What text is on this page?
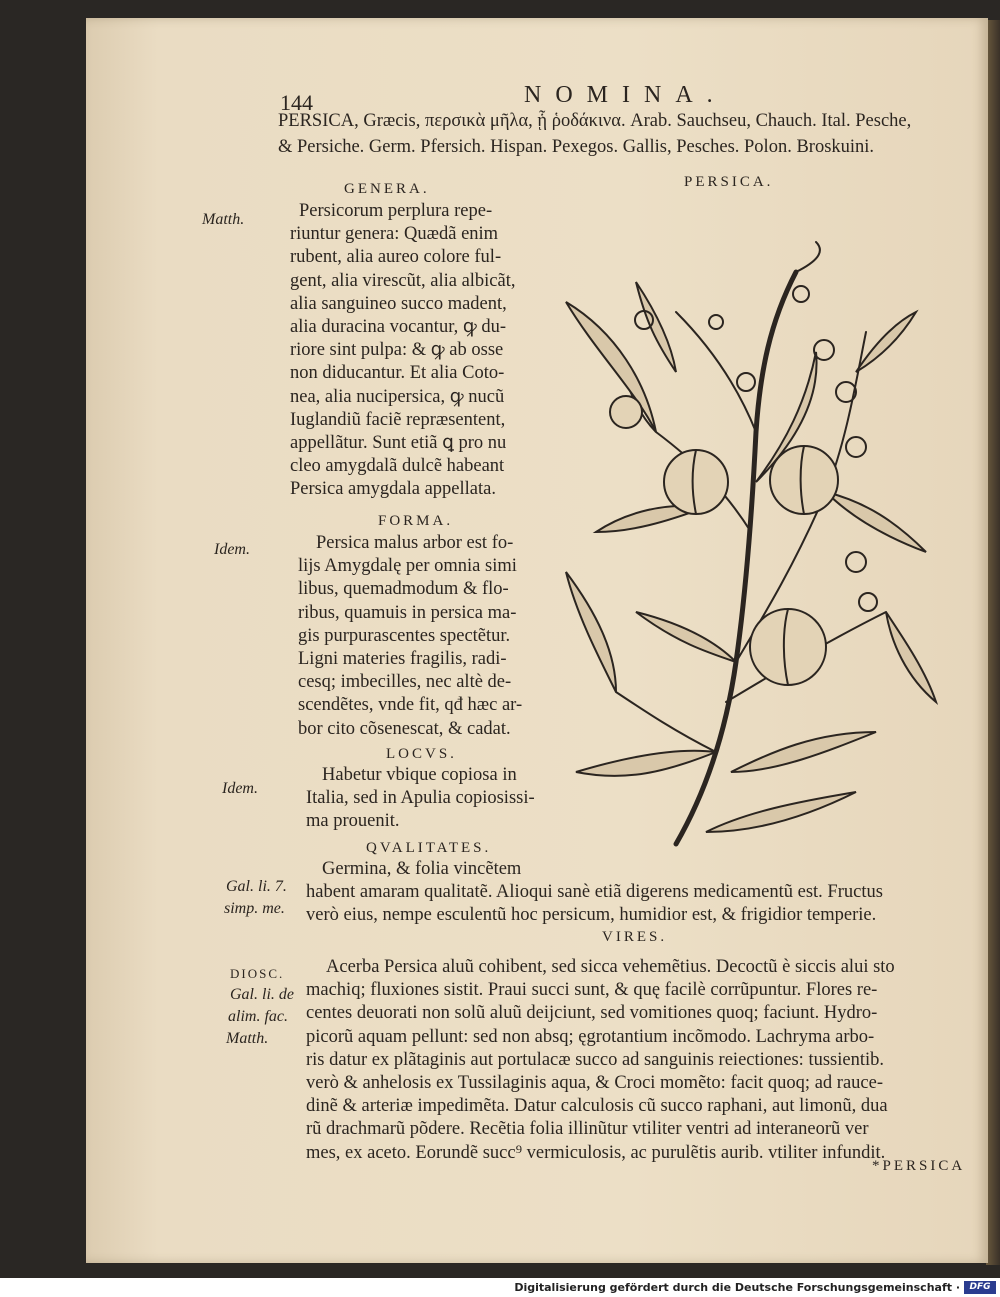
144	NOMINA.
PERSICA, Græcis, περσικὰ μῆλα, ᾗ ῥοδάκινα. Arab. Sauchseu, Chauch. Ital. Pesche,
& Persiche. Germ. Pfersich. Hispan. Pexegos. Gallis, Pesches. Polon. Broskuini.
PERSICA.
GENERA.
Matth.	Persicorum perplura repe-
riuntur genera: Quædã enim
rubent, alia aureo colore ful-
gent, alia virescũt, alia albicãt,
alia sanguineo succo madent,
alia duracina vocantur, ꝙ du-
riore sint pulpa: & ꝙ ab osse
non diducantur. Et alia Coto-
nea, alia nucipersica, ꝙ nucũ
Iuglandiũ faciẽ repræsentent,
appellãtur. Sunt etiã ꝗ pro nu
cleo amygdalã dulcẽ habeant
Persica amygdala appellata.
FORMA.
Idem.	Persica malus arbor est fo-
lijs Amygdalę per omnia simi
libus, quemadmodum & flo-
ribus, quamuis in persica ma-
gis purpurascentes spectẽtur.
Ligni materies fragilis, radi-
cesq; imbecilles, nec altè de-
scendẽtes, vnde fit, qđ hæc ar-
bor cito cõsenescat, & cadat.
LOCVS.
Idem.
Habetur vbique copiosa in
Italia, sed in Apulia copiosissi-
ma prouenit.
QVALITATES.
Gal. li. 7.
simp. me.
Germina, & folia vincẽtem
habent amaram qualitatẽ. Alioqui sanè etiã digerens medicamentũ est. Fructus
verò eius, nempe esculentũ hoc persicum, humidior est, & frigidior temperie.
VIRES.
DIOSC.
Gal. li. de
alim. fac.
Matth.
Acerba Persica aluũ cohibent, sed sicca vehemẽtius. Decoctũ è siccis alui sto
machiq; fluxiones sistit. Praui succi sunt, & quę facilè corrũpuntur. Flores re-
centes deuorati non solũ aluũ deijciunt, sed vomitiones quoq; faciunt. Hydro-
picorũ aquam pellunt: sed non absq; ęgrotantium incõmodo. Lachryma arbo-
ris datur ex plãtaginis aut portulacæ succo ad sanguinis reiectiones: tussientib.
verò & anhelosis ex Tussilaginis aqua, & Croci momẽto: facit quoq; ad rauce-
dinẽ & arteriæ impedimẽta. Datur calculosis cũ succo raphani, aut limonũ, dua
rũ drachmarũ põdere. Recẽtia folia illinũtur vtiliter ventri ad interaneorũ ver
mes, ex aceto. Eorundẽ succ⁹ vermiculosis, ac purulẽtis aurib. vtiliter infundit.
*PERSICA
Digitalisierung gefördert durch die Deutsche Forschungsgemeinschaft ·	DFG
